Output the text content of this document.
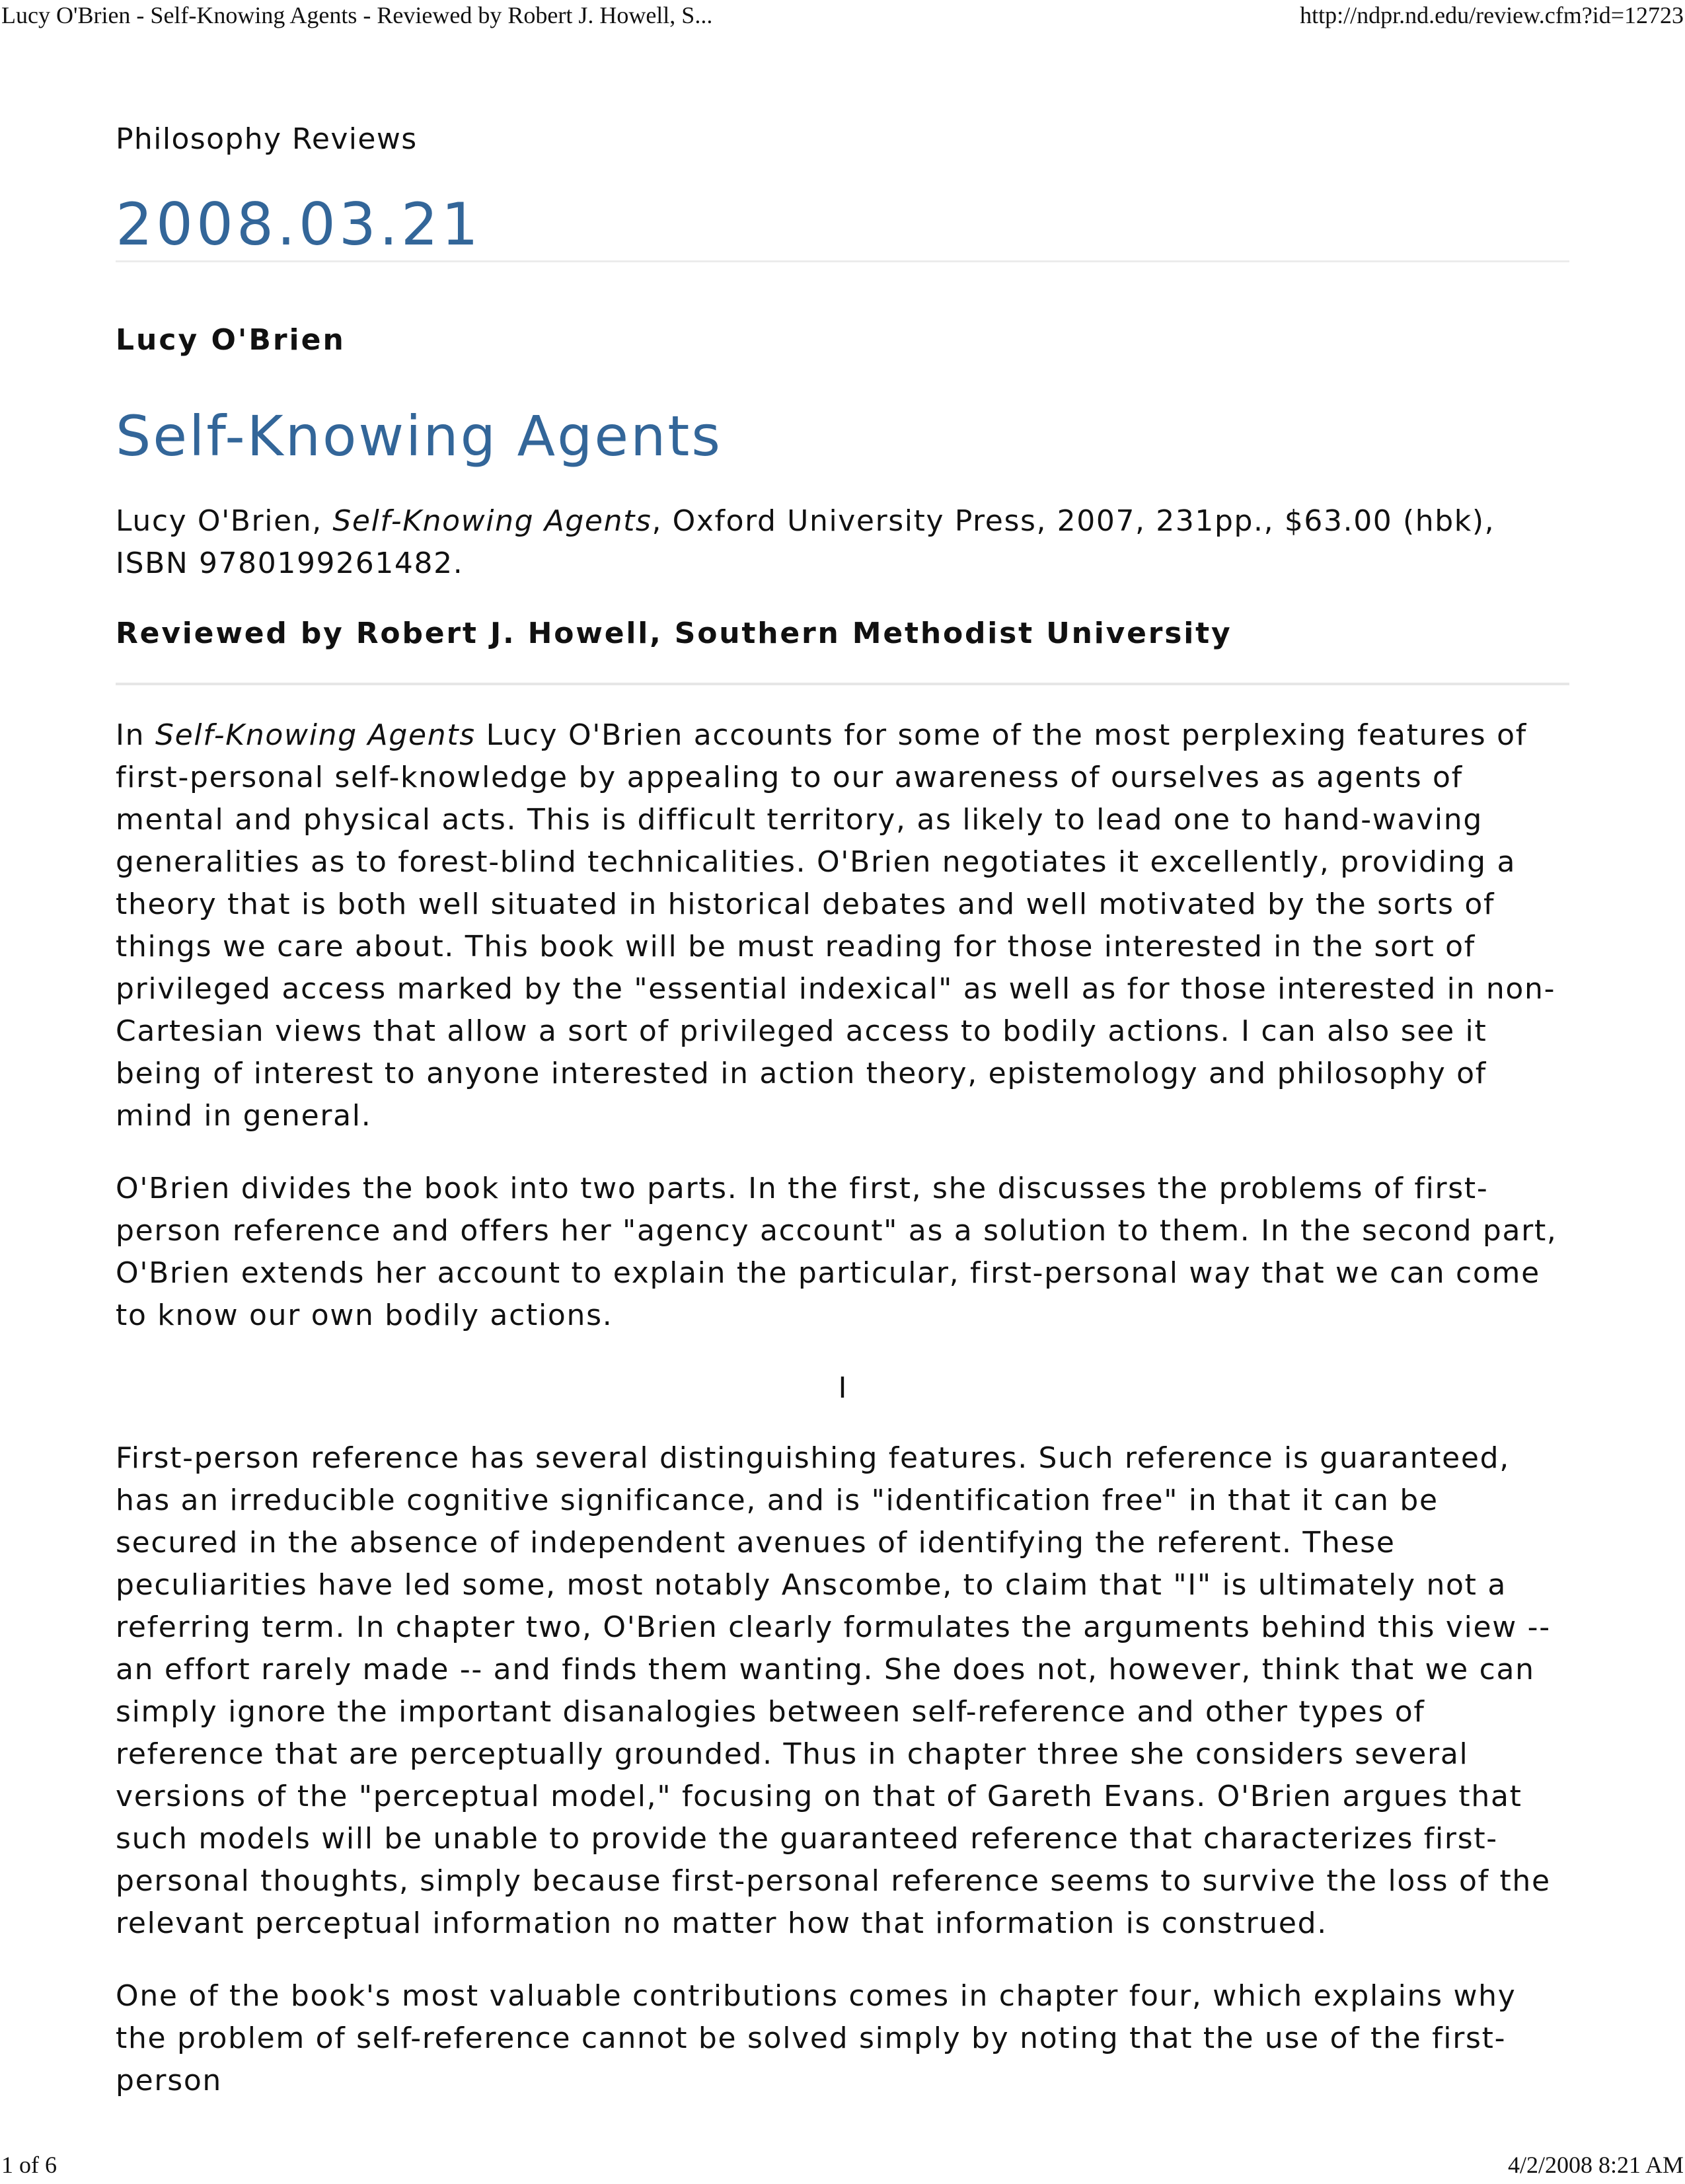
Lucy O'Brien - Self-Knowing Agents - Reviewed by Robert J. Howell, S...	http://ndpr.nd.edu/review.cfm?id=12723
Philosophy Reviews
2008.03.21
Lucy O'Brien
Self-Knowing Agents
Lucy O'Brien, Self-Knowing Agents, Oxford University Press, 2007, 231pp., $63.00 (hbk), ISBN 9780199261482.
Reviewed by Robert J. Howell, Southern Methodist University

In Self-Knowing Agents Lucy O'Brien accounts for some of the most perplexing features of first-personal self-knowledge by appealing to our awareness of ourselves as agents of mental and physical acts. This is difficult territory, as likely to lead one to hand-waving generalities as to forest-blind technicalities. O'Brien negotiates it excellently, providing a theory that is both well situated in historical debates and well motivated by the sorts of things we care about. This book will be must reading for those interested in the sort of privileged access marked by the "essential indexical" as well as for those interested in non-Cartesian views that allow a sort of privileged access to bodily actions. I can also see it being of interest to anyone interested in action theory, epistemology and philosophy of mind in general.

O'Brien divides the book into two parts. In the first, she discusses the problems of first-person reference and offers her "agency account" as a solution to them. In the second part, O'Brien extends her account to explain the particular, first-personal way that we can come to know our own bodily actions.

I

First-person reference has several distinguishing features. Such reference is guaranteed, has an irreducible cognitive significance, and is "identification free" in that it can be secured in the absence of independent avenues of identifying the referent. These peculiarities have led some, most notably Anscombe, to claim that "I" is ultimately not a referring term. In chapter two, O'Brien clearly formulates the arguments behind this view -- an effort rarely made -- and finds them wanting. She does not, however, think that we can simply ignore the important disanalogies between self-reference and other types of reference that are perceptually grounded. Thus in chapter three she considers several versions of the "perceptual model," focusing on that of Gareth Evans. O'Brien argues that such models will be unable to provide the guaranteed reference that characterizes first-personal thoughts, simply because first-personal reference seems to survive the loss of the relevant perceptual information no matter how that information is construed.

One of the book's most valuable contributions comes in chapter four, which explains why the problem of self-reference cannot be solved simply by noting that the use of the first-person

1 of 6	4/2/2008 8:21 AM
